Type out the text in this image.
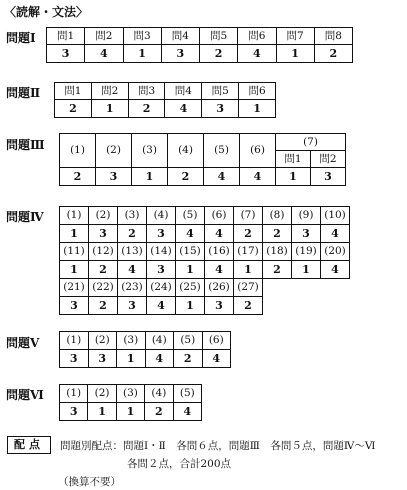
〈読解・文法〉
問題Ⅰ 問1	問2	問3	問4	問5	問6	問7	問8
3	4	1	3	2	4	1	2
問題Ⅱ 問1	問2	問3	問4	問5	問6
2	1	2	4	3	1
問題Ⅲ (1)	(2)	(3)	(4)	(5)	(6)	(7)	
						問1	問2
2	3	1	2	4	4	1	3
問題Ⅳ (1)	(2)	(3)	(4)	(5)	(6)	(7)	(8)	(9)	(10)
1	3	2	3	4	4	2	2	3	4
(11)	(12)	(13)	(14)	(15)	(16)	(17)	(18)	(19)	(20)
1	2	4	3	1	4	1	2	1	4
(21)	(22)	(23)	(24)	(25)	(26)	(27)			
3	2	3	4	1	3	2			
問題Ⅴ	(1)	(2)	(3)	(4)	(5)	(6)
3	3	1	4	2	4
問題Ⅵ (1)	(2)	(3)	(4)	(5)
3	1	1	2	4
配点	問題別配点：問題Ⅰ・Ⅱ　各問６点，問題Ⅲ　各問５点，問題Ⅳ～Ⅵ
各問２点，合計200点
（換算不要）
